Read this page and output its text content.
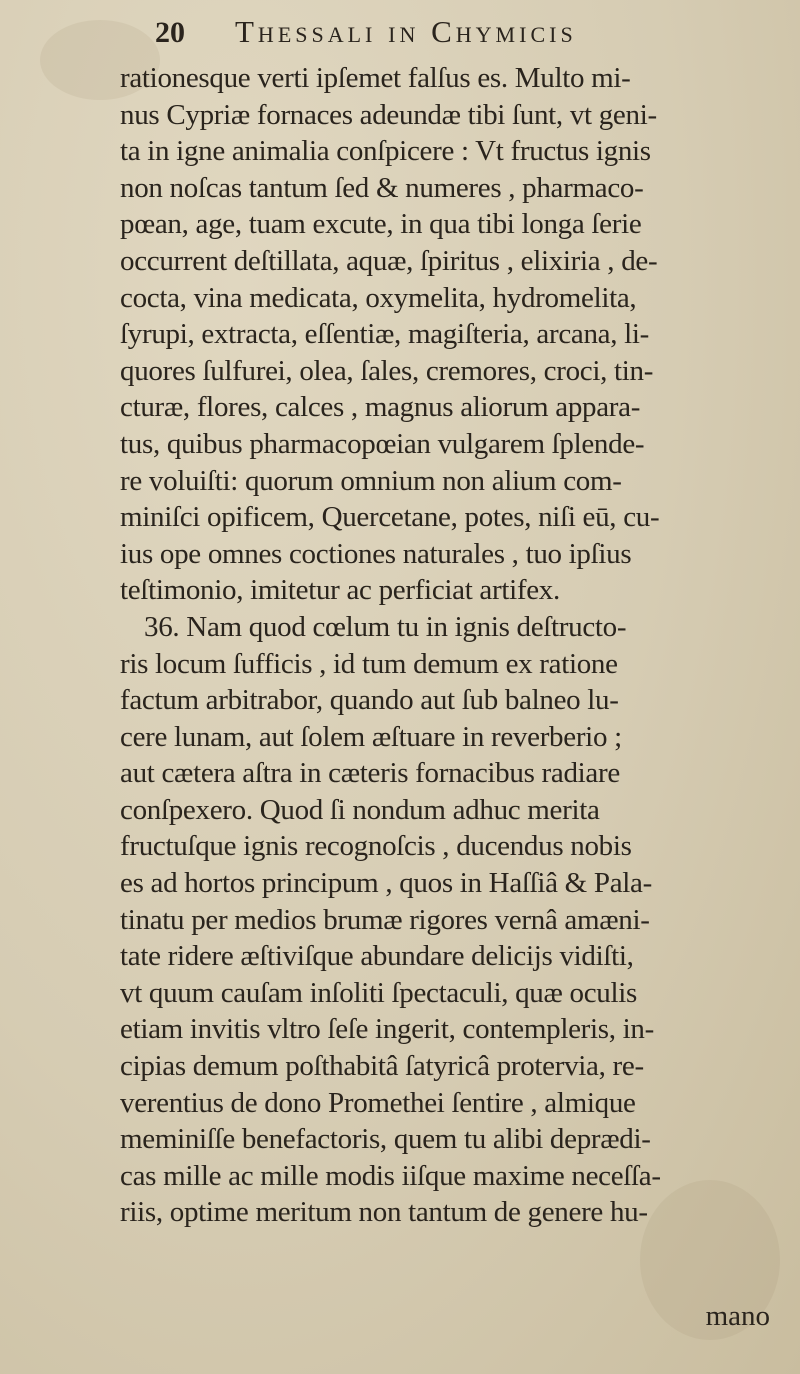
20	Thessali in Chymicis
rationesque verti ipſemet falſus es. Multo mi-
nus Cypriæ fornaces adeundæ tibi ſunt, vt geni-
ta in igne animalia conſpicere : Vt fructus ignis
non noſcas tantum ſed & numeres , pharmaco-
pœan, age, tuam excute, in qua tibi longa ſerie
occurrent deſtillata, aquæ, ſpiritus , elixiria , de-
cocta, vina medicata, oxymelita, hydromelita,
ſyrupi, extracta, eſſentiæ, magiſteria, arcana, li-
quores ſulfurei, olea, ſales, cremores, croci, tin-
cturæ, flores, calces , magnus aliorum appara-
tus, quibus pharmacopœian vulgarem ſplende-
re voluiſti: quorum omnium non alium com-
miniſci opificem, Quercetane, potes, niſi eū, cu-
ius ope omnes coctiones naturales , tuo ipſius
teſtimonio, imitetur ac perficiat artifex.
36. Nam quod cœlum tu in ignis deſtructo-
ris locum ſufficis , id tum demum ex ratione
factum arbitrabor, quando aut ſub balneo lu-
cere lunam, aut ſolem æſtuare in reverberio ;
aut cætera aſtra in cæteris fornacibus radiare
conſpexero. Quod ſi nondum adhuc merita
fructuſque ignis recognoſcis , ducendus nobis
es ad hortos principum , quos in Haſſiâ & Pala-
tinatu per medios brumæ rigores vernâ amæni-
tate ridere æſtiviſque abundare delicijs vidiſti,
vt quum cauſam inſoliti ſpectaculi, quæ oculis
etiam invitis vltro ſeſe ingerit, contempleris, in-
cipias demum poſthabitâ ſatyricâ protervia, re-
verentius de dono Promethei ſentire , almique
meminiſſe benefactoris, quem tu alibi deprædi-
cas mille ac mille modis iiſque maxime neceſſa-
riis, optime meritum non tantum de genere hu-
mano
